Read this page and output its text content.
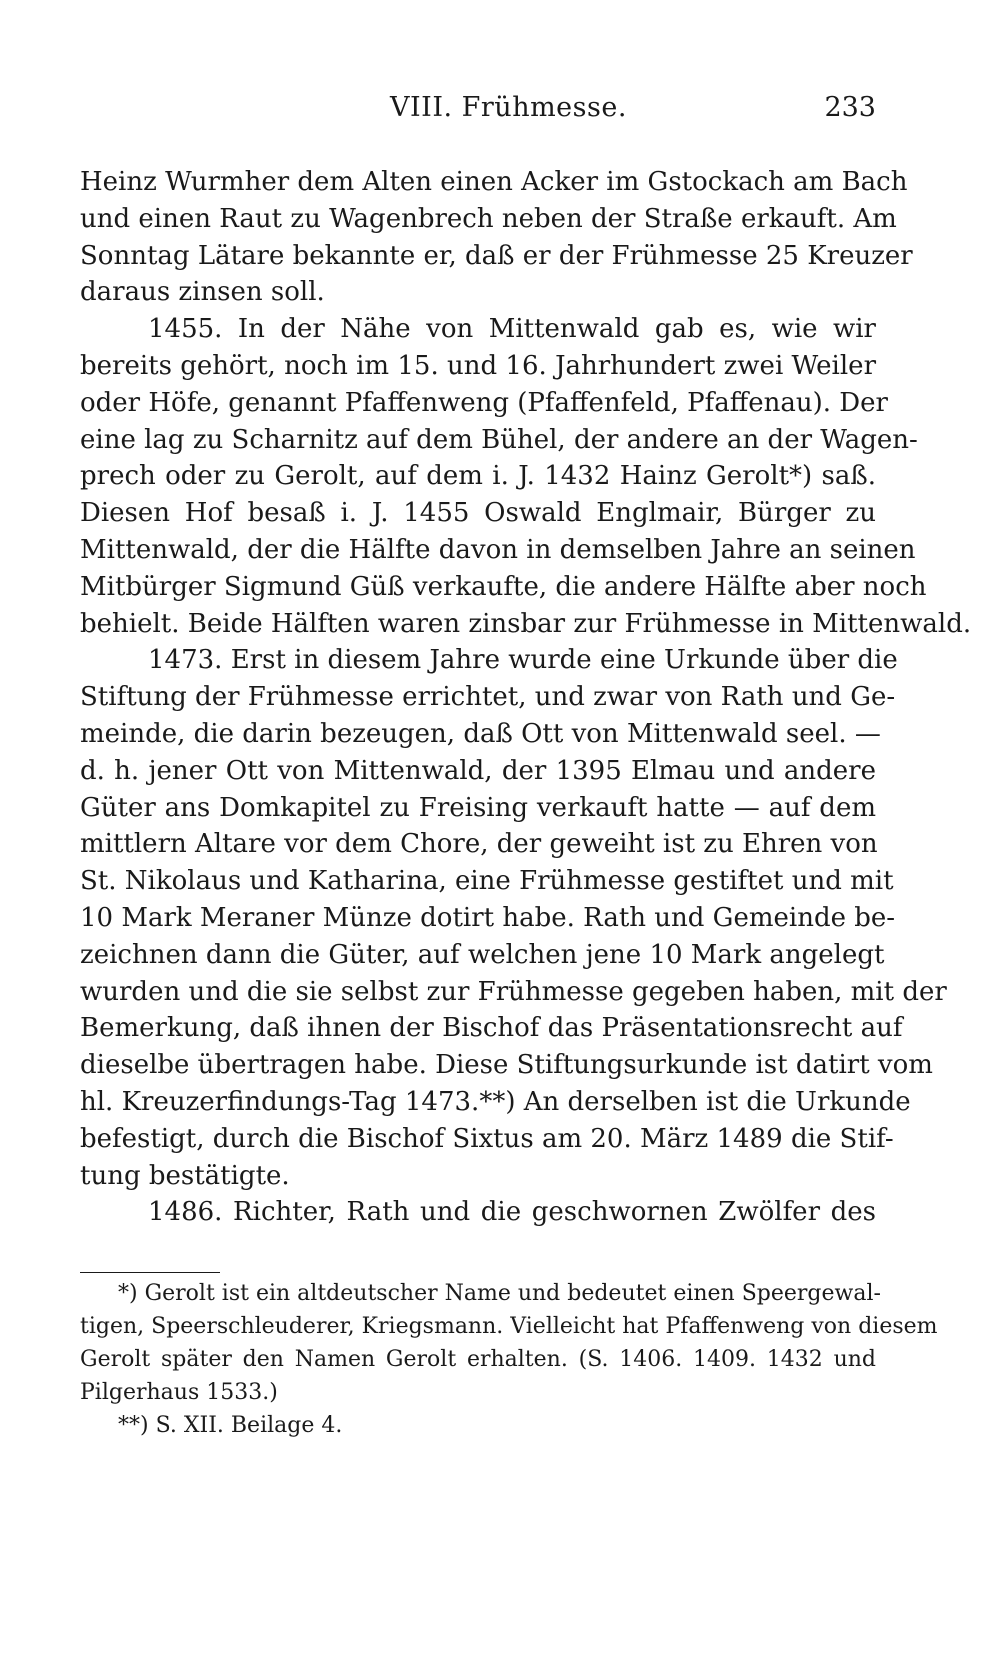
VIII. Frühmesse.	233
Heinz Wurmher dem Alten einen Acker im Gstockach am Bach
und einen Raut zu Wagenbrech neben der Straße erkauft. Am
Sonntag Lätare bekannte er, daß er der Frühmesse 25 Kreuzer
daraus zinsen soll.
1455. In der Nähe von Mittenwald gab es, wie wir
bereits gehört, noch im 15. und 16. Jahrhundert zwei Weiler
oder Höfe, genannt Pfaffenweng (Pfaffenfeld, Pfaffenau). Der
eine lag zu Scharnitz auf dem Bühel, der andere an der Wagen-
prech oder zu Gerolt, auf dem i. J. 1432 Hainz Gerolt*) saß.
Diesen Hof besaß i. J. 1455 Oswald Englmair, Bürger zu
Mittenwald, der die Hälfte davon in demselben Jahre an seinen
Mitbürger Sigmund Güß verkaufte, die andere Hälfte aber noch
behielt. Beide Hälften waren zinsbar zur Frühmesse in Mittenwald.
1473. Erst in diesem Jahre wurde eine Urkunde über die
Stiftung der Frühmesse errichtet, und zwar von Rath und Ge-
meinde, die darin bezeugen, daß Ott von Mittenwald seel. —
d. h. jener Ott von Mittenwald, der 1395 Elmau und andere
Güter ans Domkapitel zu Freising verkauft hatte — auf dem
mittlern Altare vor dem Chore, der geweiht ist zu Ehren von
St. Nikolaus und Katharina, eine Frühmesse gestiftet und mit
10 Mark Meraner Münze dotirt habe. Rath und Gemeinde be-
zeichnen dann die Güter, auf welchen jene 10 Mark angelegt
wurden und die sie selbst zur Frühmesse gegeben haben, mit der
Bemerkung, daß ihnen der Bischof das Präsentationsrecht auf
dieselbe übertragen habe. Diese Stiftungsurkunde ist datirt vom
hl. Kreuzerfindungs-Tag 1473.**) An derselben ist die Urkunde
befestigt, durch die Bischof Sixtus am 20. März 1489 die Stif-
tung bestätigte.
1486. Richter, Rath und die geschwornen Zwölfer des
*) Gerolt ist ein altdeutscher Name und bedeutet einen Speergewal-
tigen, Speerschleuderer, Kriegsmann. Vielleicht hat Pfaffenweng von diesem
Gerolt später den Namen Gerolt erhalten. (S. 1406. 1409. 1432 und
Pilgerhaus 1533.)
**) S. XII. Beilage 4.
